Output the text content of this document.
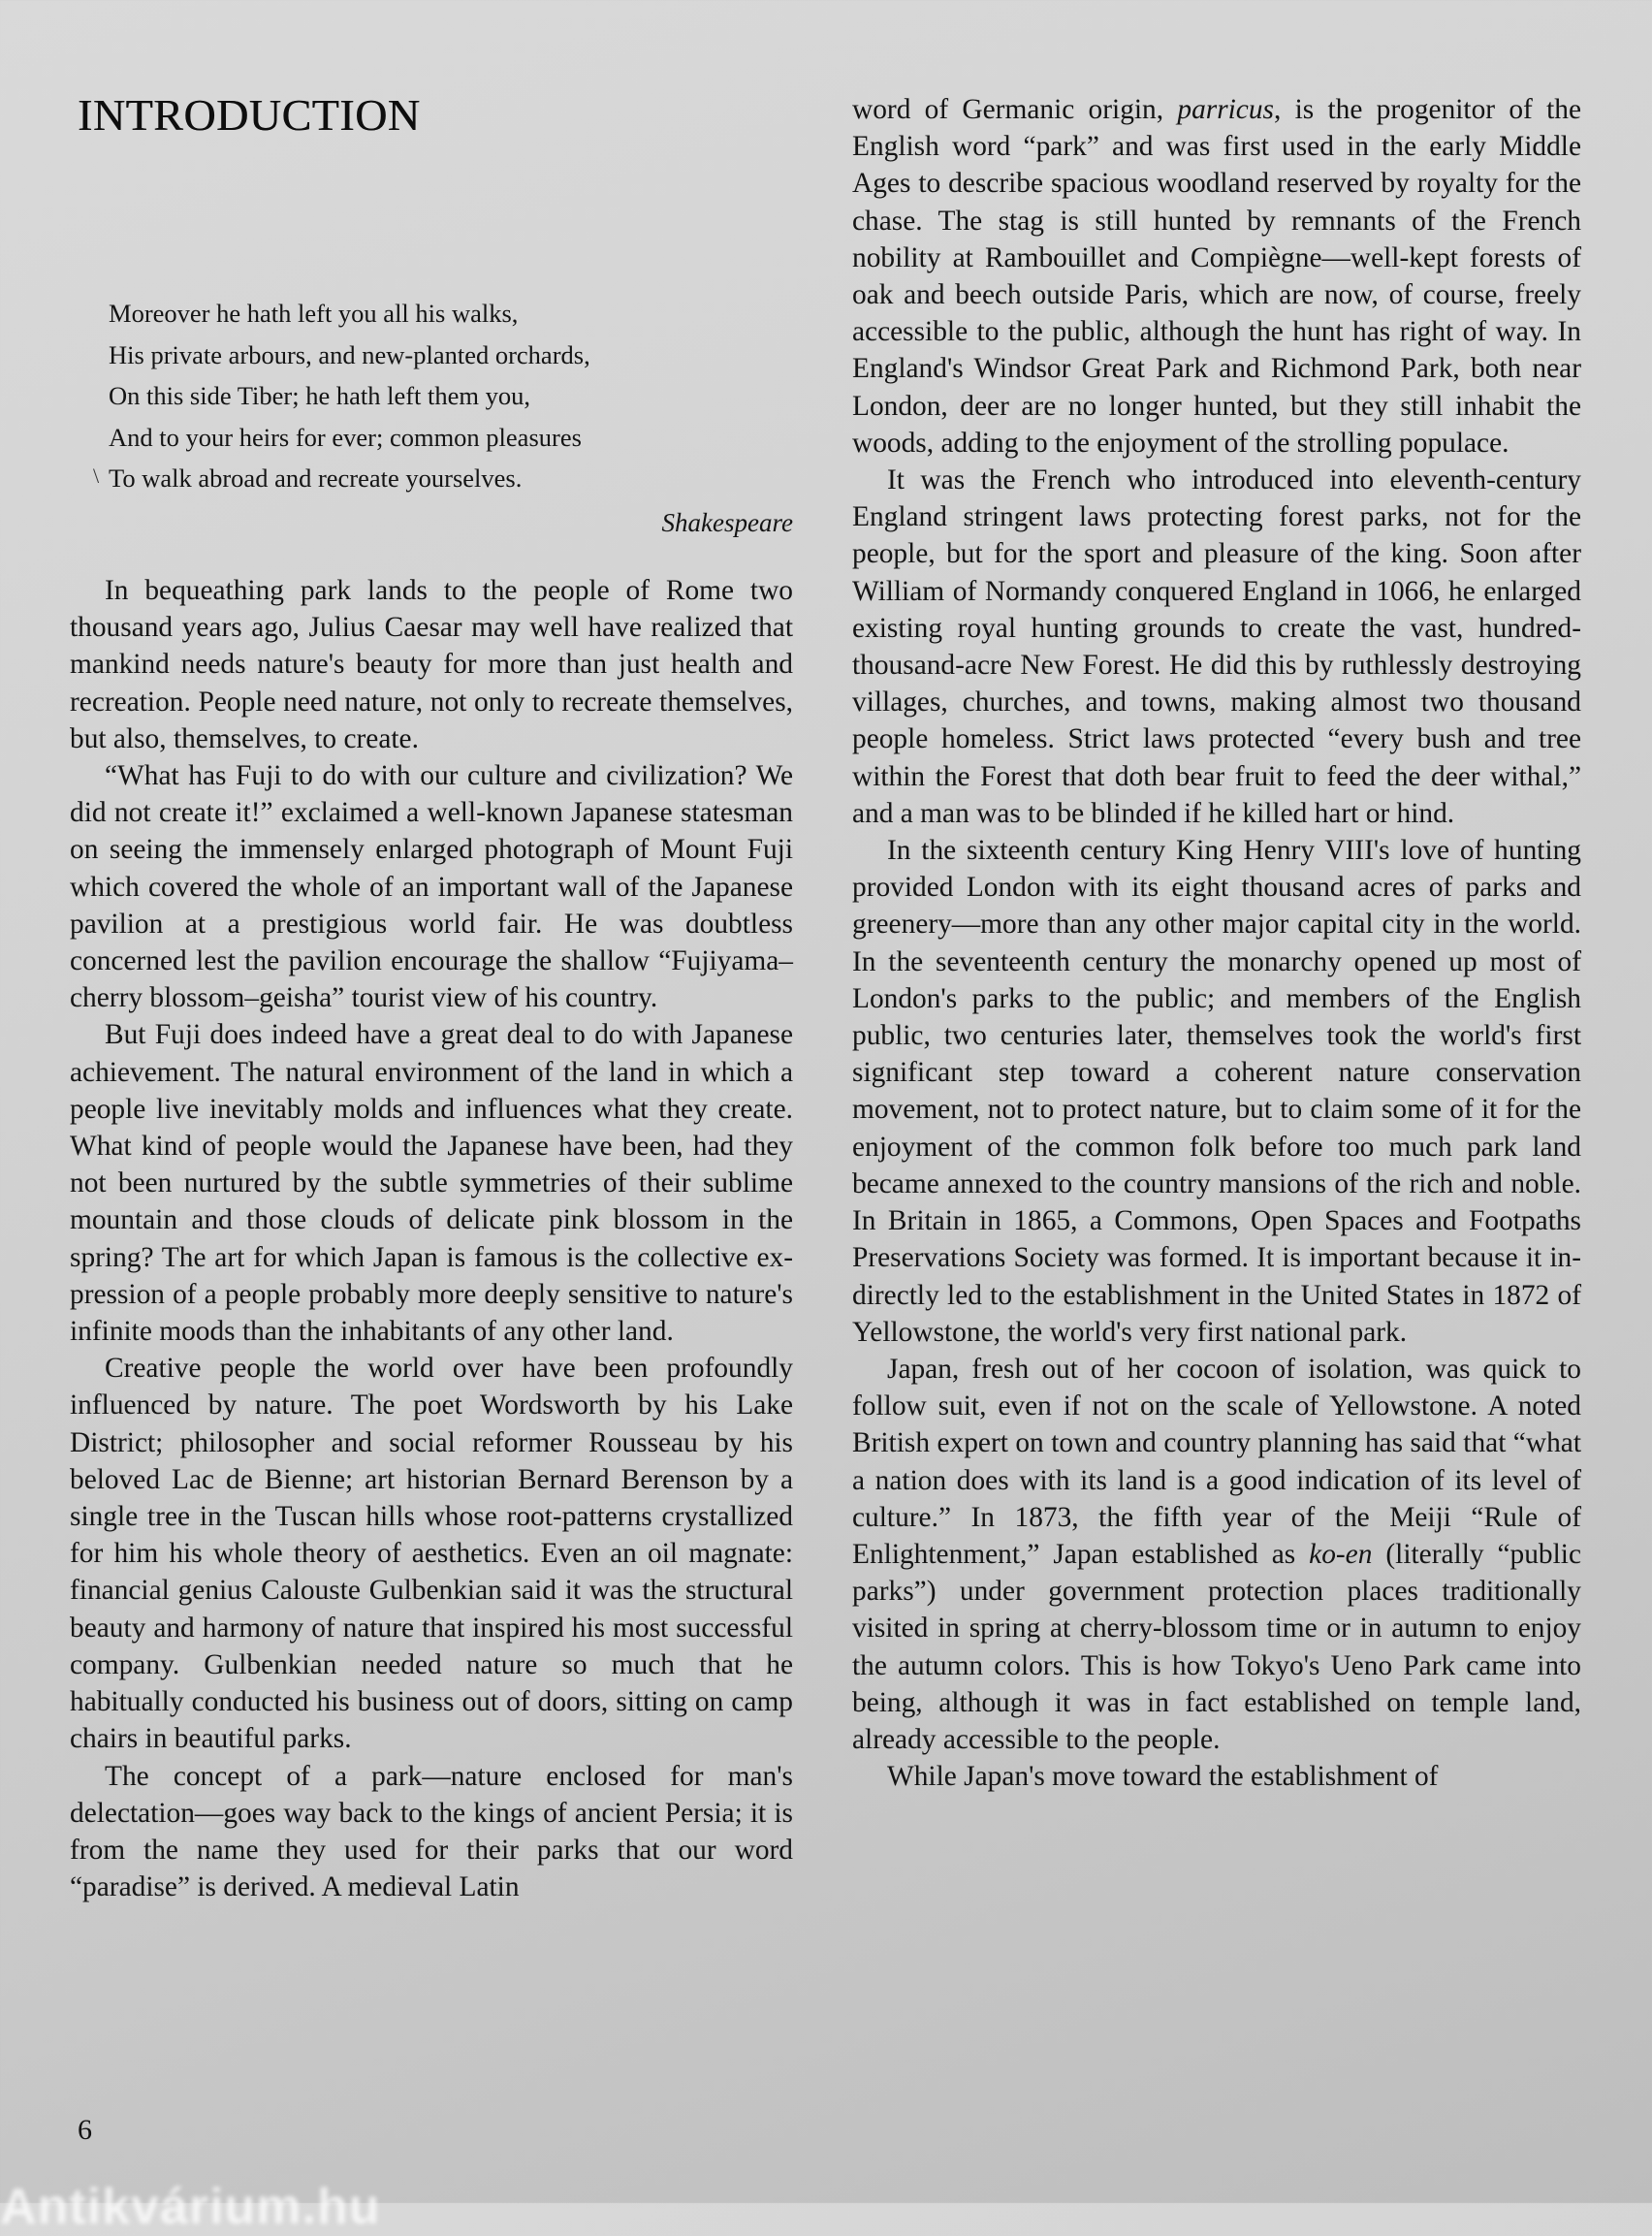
INTRODUCTION
\
Moreover he hath left you all his walks,
His private arbours, and new-planted orchards,
On this side Tiber; he hath left them you,
And to your heirs for ever; common pleasures
To walk abroad and recreate yourselves.
Shakespeare

In bequeathing park lands to the people of Rome two thousand years ago, Julius Caesar may well have realized that mankind needs nature's beauty for more than just health and recreation. People need nature, not only to recreate themselves, but also, themselves, to create.

“What has Fuji to do with our culture and civilization? We did not create it!” exclaimed a well-known Japanese statesman on seeing the immensely enlarged photograph of Mount Fuji which covered the whole of an important wall of the Japanese pavilion at a prestigious world fair. He was doubtless concerned lest the pavilion encourage the shallow “Fujiyama–cherry blossom–geisha” tourist view of his country.

But Fuji does indeed have a great deal to do with Japanese achievement. The natural environment of the land in which a people live inevitably molds and influences what they create. What kind of people would the Japanese have been, had they not been nurtured by the subtle symmetries of their sublime mountain and those clouds of delicate pink blossom in the spring? The art for which Japan is famous is the collective expression of a people probably more deeply sensitive to nature's infinite moods than the inhabitants of any other land.

Creative people the world over have been profoundly influenced by nature. The poet Wordsworth by his Lake District; philosopher and social reformer Rousseau by his beloved Lac de Bienne; art historian Bernard Berenson by a single tree in the Tuscan hills whose root-patterns crystallized for him his whole theory of aesthetics. Even an oil magnate: financial genius Calouste Gulbenkian said it was the structural beauty and harmony of nature that inspired his most successful company. Gulbenkian needed nature so much that he habitually conducted his business out of doors, sitting on camp chairs in beautiful parks.

The concept of a park—nature enclosed for man's delectation—goes way back to the kings of ancient Persia; it is from the name they used for their parks that our word “paradise” is derived. A medieval Latin

word of Germanic origin, parricus, is the progenitor of the English word “park” and was first used in the early Middle Ages to describe spacious woodland reserved by royalty for the chase. The stag is still hunted by remnants of the French nobility at Rambouillet and Compiègne—well-kept forests of oak and beech outside Paris, which are now, of course, freely accessible to the public, although the hunt has right of way. In England's Windsor Great Park and Richmond Park, both near London, deer are no longer hunted, but they still inhabit the woods, adding to the enjoyment of the strolling populace.

It was the French who introduced into eleventh-century England stringent laws protecting forest parks, not for the people, but for the sport and pleasure of the king. Soon after William of Normandy conquered England in 1066, he enlarged existing royal hunting grounds to create the vast, hundred-thousand-acre New Forest. He did this by ruthlessly destroying villages, churches, and towns, making almost two thousand people homeless. Strict laws protected “every bush and tree within the Forest that doth bear fruit to feed the deer withal,” and a man was to be blinded if he killed hart or hind.

In the sixteenth century King Henry VIII's love of hunting provided London with its eight thousand acres of parks and greenery—more than any other major capital city in the world. In the seventeenth century the monarchy opened up most of London's parks to the public; and members of the English public, two centuries later, themselves took the world's first significant step toward a coherent nature conservation movement, not to protect nature, but to claim some of it for the enjoyment of the common folk before too much park land became annexed to the country mansions of the rich and noble. In Britain in 1865, a Commons, Open Spaces and Footpaths Preservations Society was formed. It is important because it indirectly led to the establishment in the United States in 1872 of Yellowstone, the world's very first national park.

Japan, fresh out of her cocoon of isolation, was quick to follow suit, even if not on the scale of Yellowstone. A noted British expert on town and country planning has said that “what a nation does with its land is a good indication of its level of culture.” In 1873, the fifth year of the Meiji “Rule of Enlightenment,” Japan established as ko-en (literally “public parks”) under government protection places traditionally visited in spring at cherry-blossom time or in autumn to enjoy the autumn colors. This is how Tokyo's Ueno Park came into being, although it was in fact established on temple land, already accessible to the people.

While Japan's move toward the establishment of

6
Antikvárium.hu
